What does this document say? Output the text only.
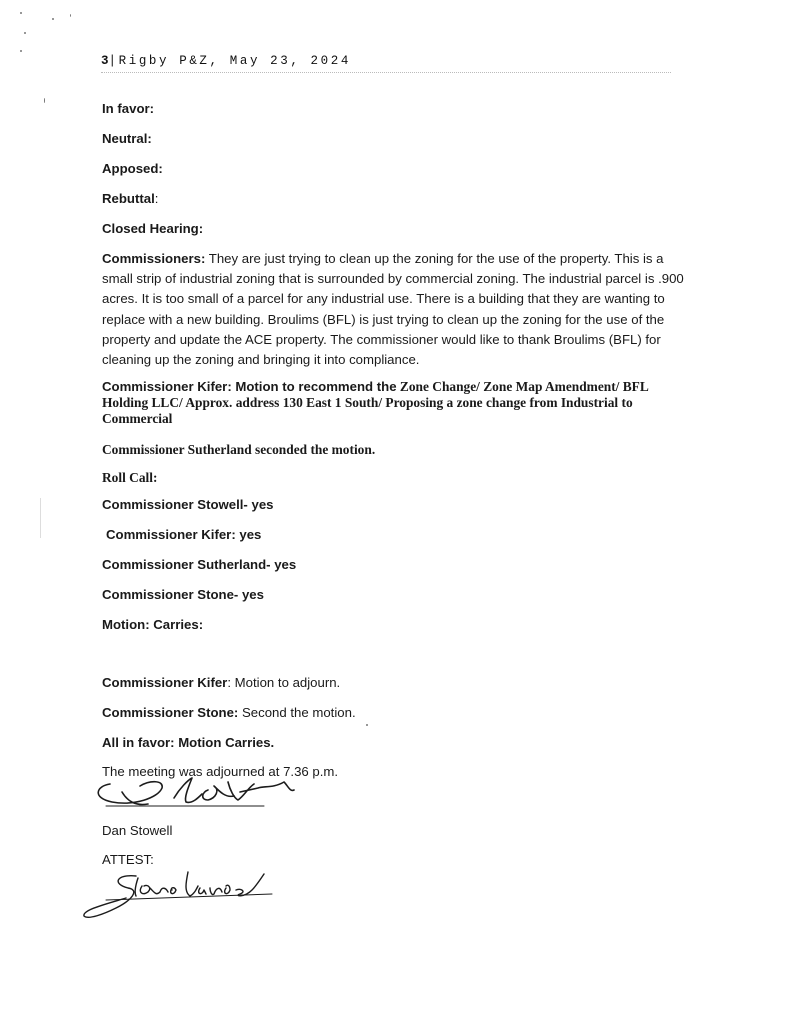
3|Rigby P&Z, May 23, 2024
In favor:
Neutral:
Apposed:
Rebuttal:
Closed Hearing:
Commissioners: They are just trying to clean up the zoning for the use of the property. This is a small strip of industrial zoning that is surrounded by commercial zoning. The industrial parcel is .900 acres. It is too small of a parcel for any industrial use. There is a building that they are wanting to replace with a new building. Broulims (BFL) is just trying to clean up the zoning for the use of the property and update the ACE property. The commissioner would like to thank Broulims (BFL) for cleaning up the zoning and bringing it into compliance.
Commissioner Kifer: Motion to recommend the Zone Change/ Zone Map Amendment/ BFL Holding LLC/ Approx. address 130 East 1 South/ Proposing a zone change from Industrial to Commercial
Commissioner Sutherland seconded the motion.
Roll Call:
Commissioner Stowell- yes
Commissioner Kifer: yes
Commissioner Sutherland- yes
Commissioner Stone- yes
Motion: Carries:
Commissioner Kifer: Motion to adjourn.
Commissioner Stone: Second the motion.
All in favor: Motion Carries.
The meeting was adjourned at 7.36 p.m.
Dan Stowell
ATTEST:
